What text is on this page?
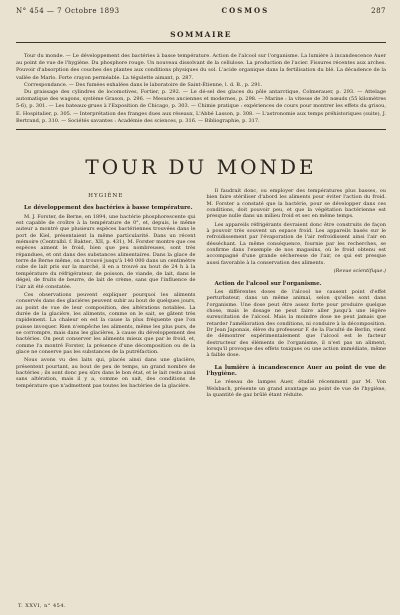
N° 454 — 7 Octobre 1893	COSMOS	287
SOMMAIRE

Tour du monde. — Le développement des bactéries à basse température. Action de l'alcool sur l'organisme. La lumière à incandescence Auer au point de vue de l'hygiène. Du phosphore rouge. Un nouveau dissolvant de la cellulose. La production de l'acier. Fissures récentes aux arches. Pouvoir d'absorption des couches des plantes aux conditions physiques du sol. L'acide organique dans la fertilisation du blé. La décadence de la vallée de Marlo. Forte crayon perméable. La tégulette aimant, p. 287.

Correspondance. — Des fumées exhalées dans le laboratoire de Saint-Étienne, l. d. B., p. 291.

Du graissage des cylindres de locomotives, Fortier, p. 292. — Le dé-sel des glaces du pôle antarctique, Colmerauer, p. 293. — Attelage automatique des wagons, système Grason, p. 296. — Mesures anciennes et modernes, p. 298. — Marine : la vitesse de 30 nœuds (55 kilomètres 5-6), p. 301. — Les bateaux-grues à l'Exposition de Chicago, p. 303. — Chimie pratique : expériences de cours pour montrer les effets du grisou, E. Hospitalier, p. 305. — Interprétation des franges dues aux réseaux, L'Abbé Lasson, p. 308. — L'astronomie aux temps préhistoriques (suite), J. Bertrand, p. 310. — Sociétés savantes : Académie des sciences, p. 316. — Bibliographie, p. 317.

TOUR DU MONDE
HYGIÈNE
Le développement des bactéries à basse température.

M. J. Forster, de Berne, en 1894, une bactérie phosphorescente qui est capable de croître à la température de 0°, et, depuis, le même auteur a montré que plusieurs espèces bactériennes trouvées dans le port de Kiel, présentaient la même particularité. Dans un récent mémoire (Centralbl. f. Bakter., XII, p. 431), M. Forster montre que ces espèces aiment le froid, bien que peu nombreuses, sont très répandues, et ont dans des substances alimentaires. Dans la glace de terre de Berne même, on a trouvé jusqu'à 140 000 dans un centimètre cube de lait pris sur la marché, il en a trouvé au bout de 24 h à la température du réfrigérateur, de poisson, de viande, de lait, dans le dégel, de fruits de beurre, de lait de crème, sans que l'influence de l'air ait été constatée.

Ces observations peuvent expliquer pourquoi les aliments conservés dans des glacières peuvent subir au bout de quelques jours, au point de vue de leur composition, des altérations notables. La durée de la glacière, les aliments, comme on le sait, se gâtent très rapidement. La chaleur en est la cause la plus fréquente que l'on puisse invoquer. Rien n'empêche les aliments, même les plus purs, de se corrompre, mais dans les glacières, à cause du développement des bactéries. On peut conserver les aliments mieux que par le froid, et, comme l'a montré Forster, la présence d'une décomposition ou de la glace ne conserve pas les substances de la putréfaction.

Nous avons vu des laits qui, placés ainsi dans une glacière, présentent pourtant, au bout de peu de temps, un grand nombre de bactéries ; ils sont donc peu sûrs dans le bon état, et le lait reste ainsi sans altération, mais il y a, comme on sait, des conditions de température que n'admettent pas toutes les bactéries de la glacière.

Il faudrait donc, ou employer des températures plus basses, ou bien faire stériliser d'abord les aliments pour éviter l'action du froid. M. Forster a constaté que la bactérie, pour se développer dans ces conditions, doit pouvoir peu, et que la végétation bactérienne est presque nulle dans un milieu froid et sec en même temps.

Les appareils réfrigérants devraient donc être construits de façon à pouvoir très souvent un espace froid. Les appareils basés sur le refroidissement par l'évaporation de l'air refroidissent ainsi l'air en désséchant. La même conséquence, fournie par les recherches, se confirme dans l'exemple de nos magasins, où le froid obtenu est accompagné d'une grande sécheresse de l'air, ce qui est presque aussi favorable à la conservation des aliments.

(Revue scientifique.)
Action de l'alcool sur l'organisme.

Les différentes doses de l'alcool ne causent point d'effet perturbateur, dans un même animal, selon qu'elles sont dans l'organisme. Une dose peut être assez forte pour produire quelque chose, mais le dosage ne peut faire aller jusqu'à une légère surexcitation de l'alcool. Mais la moindre dose ne peut jamais que retarder l'amélioration des conditions, ni conduire à la décomposition. Dr Jean Japonais, élève du professeur F. de la Faculté de Berlin, vient de démontrer expérimentalement que l'alcool est le facteur destructeur des éléments de l'organisme, il n'est pas un aliment, lorsqu'il provoque des effets toxiques ou une action immédiate, même à faible dose.

La lumière à incandescence Auer au point de vue de l'hygiène.

Le réseau de lampes Auer, étudié récemment par M. Von Welsbach, présente un grand avantage au point de vue de l'hygiène, la quantité de gaz brûlé étant réduite.

T. XXVI, n° 454.
